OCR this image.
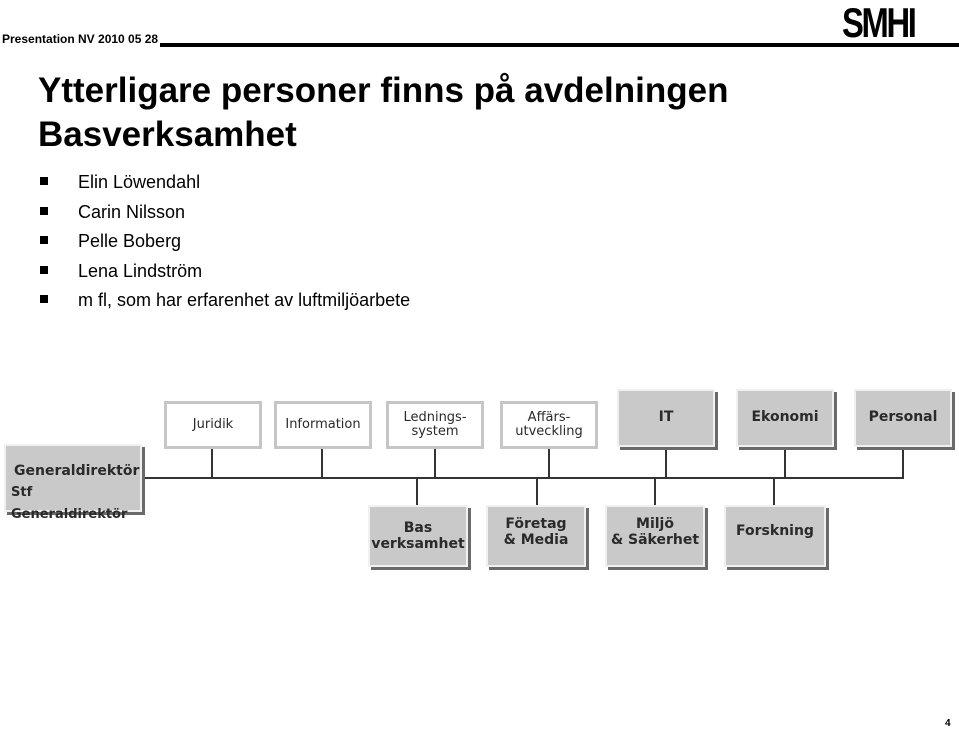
Presentation NV 2010 05 28	SMHI
Ytterligare personer finns på avdelningen Basverksamhet
Elin Löwendahl
Carin Nilsson
Pelle Boberg
Lena Lindström
m fl, som har erfarenhet av luftmiljöarbete
Juridik	Information	Lednings-
system
Affärs-
utveckling
IT	Ekonomi	Personal
Generaldirektör
Stf Generaldirektör
Bas
verksamhet
Företag
& Media
Miljö
& Säkerhet
Forskning
4
